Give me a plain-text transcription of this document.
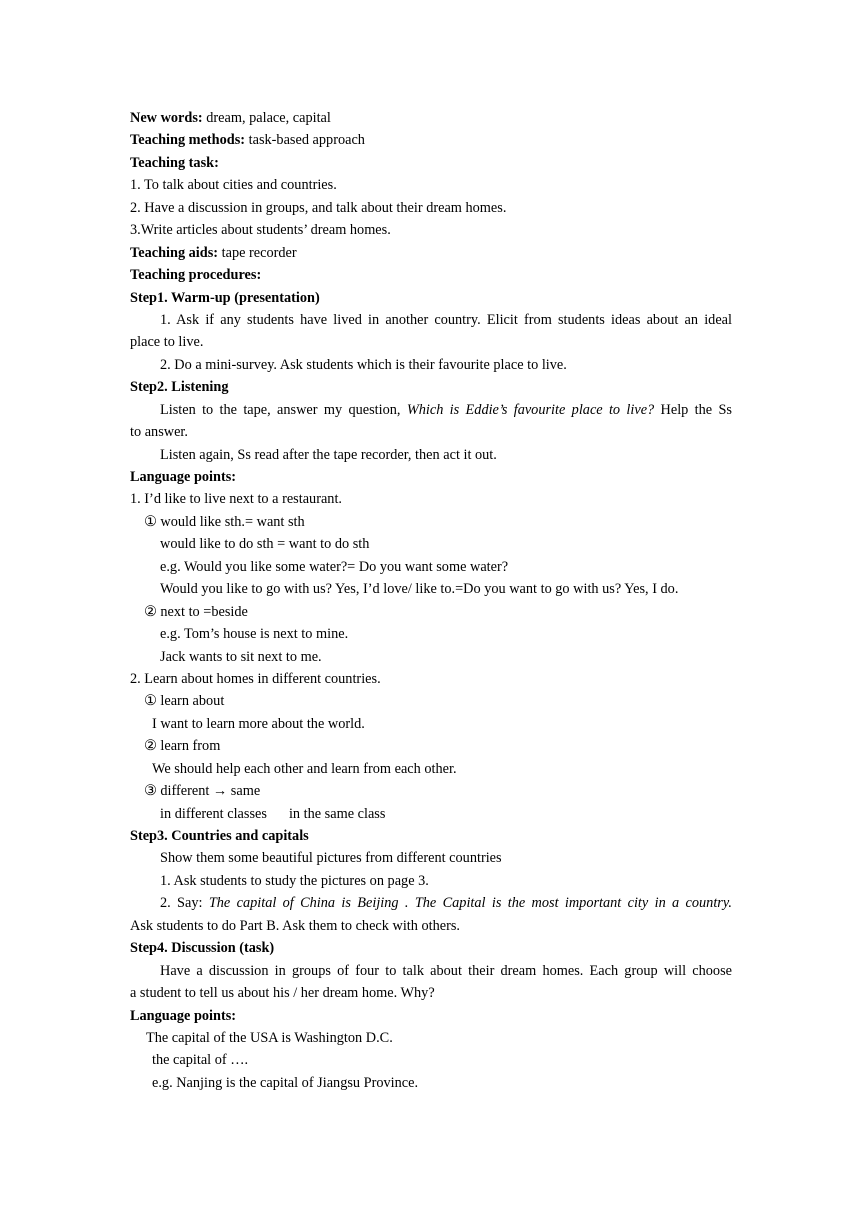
New words: dream, palace, capital
Teaching methods: task-based approach
Teaching task:
1. To talk about cities and countries.
2. Have a discussion in groups, and talk about their dream homes.
3.Write articles about students’ dream homes.
Teaching aids: tape recorder
Teaching procedures:
Step1. Warm-up (presentation)
1. Ask if any students have lived in another country. Elicit from students ideas about an ideal
place to live.
2. Do a mini-survey. Ask students which is their favourite place to live.
Step2. Listening
Listen to the tape, answer my question, Which is Eddie’s favourite place to live? Help the Ss
to answer.
Listen again, Ss read after the tape recorder, then act it out.
Language points:
1. I’d like to live next to a restaurant.
① would like sth.= want sth
would like to do sth = want to do sth
e.g. Would you like some water?= Do you want some water?
Would you like to go with us? Yes, I’d love/ like to.=Do you want to go with us? Yes, I do.
② next to =beside
e.g. Tom’s house is next to mine.
Jack wants to sit next to me.
2. Learn about homes in different countries.
① learn about
I want to learn more about the world.
② learn from
We should help each other and learn from each other.
③ different → same
in different classes in the same class
Step3. Countries and capitals
Show them some beautiful pictures from different countries
1. Ask students to study the pictures on page 3.
2. Say: The capital of China is Beijing . The Capital is the most important city in a country.
Ask students to do Part B. Ask them to check with others.
Step4. Discussion (task)
Have a discussion in groups of four to talk about their dream homes. Each group will choose
a student to tell us about his / her dream home. Why?
Language points:
The capital of the USA is Washington D.C.
the capital of ….
e.g. Nanjing is the capital of Jiangsu Province.
